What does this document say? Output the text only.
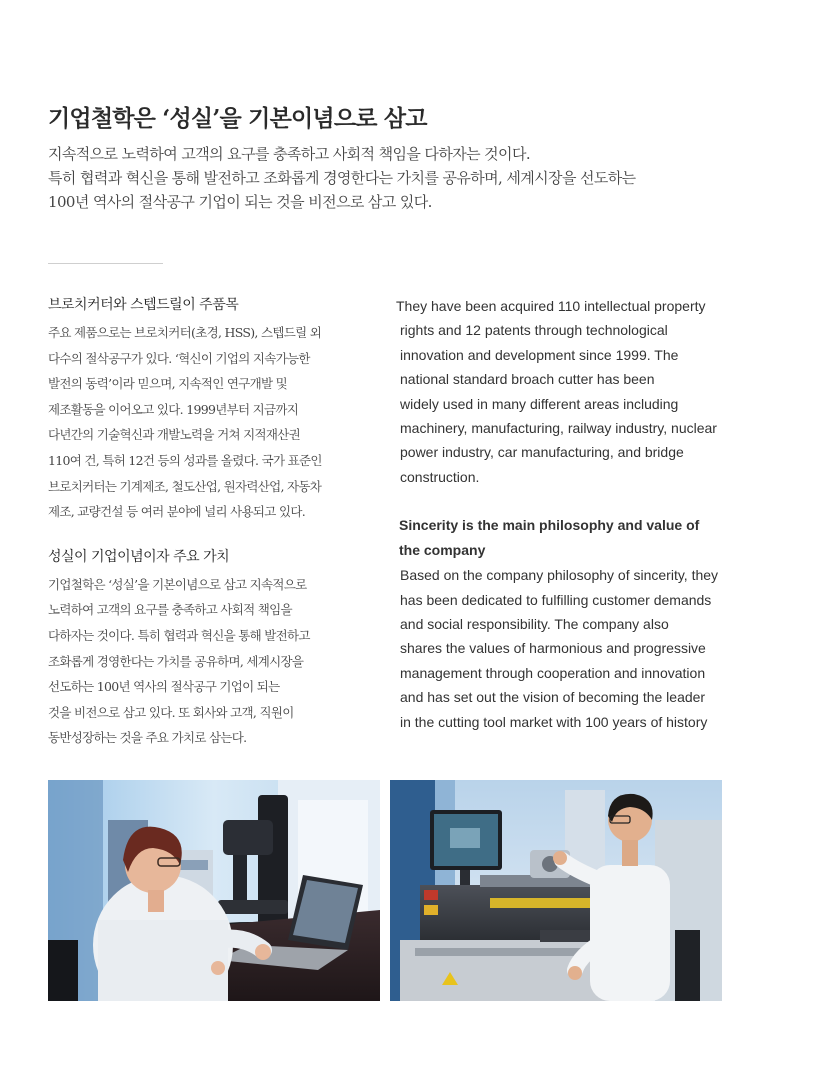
기업철학은 ‘성실’을 기본이념으로 삼고

지속적으로 노력하여 고객의 요구를 충족하고 사회적 책임을 다하자는 것이다.

특히 협력과 혁신을 통해 발전하고 조화롭게 경영한다는 가치를 공유하며, 세계시장을 선도하는

100년 역사의 절삭공구 기업이 되는 것을 비전으로 삼고 있다.

브로치커터와 스텝드릴이 주품목

주요 제품으로는 브로치커터(초경, HSS), 스텝드릴 외

다수의 절삭공구가 있다. ‘혁신이 기업의 지속가능한

발전의 동력’이라 믿으며, 지속적인 연구개발 및

제조활동을 이어오고 있다. 1999년부터 지금까지

다년간의 기술혁신과 개발노력을 거쳐 지적재산권

110여 건, 특허 12건 등의 성과를 올렸다. 국가 표준인

브로치커터는 기계제조, 철도산업, 원자력산업, 자동차

제조, 교량건설 등 여러 분야에 널리 사용되고 있다.

성실이 기업이념이자 주요 가치

기업철학은 ‘성실’을 기본이념으로 삼고 지속적으로

노력하여 고객의 요구를 충족하고 사회적 책임을

다하자는 것이다. 특히 협력과 혁신을 통해 발전하고

조화롭게 경영한다는 가치를 공유하며, 세계시장을

선도하는 100년 역사의 절삭공구 기업이 되는

것을 비전으로 삼고 있다. 또 회사와 고객, 직원이

동반성장하는 것을 주요 가치로 삼는다.

They have been acquired 110 intellectual property

rights and 12 patents through technological

innovation and development since 1999. The

national standard broach cutter has been

widely used in many different areas including

machinery, manufacturing, railway industry, nuclear

power industry, car manufacturing, and bridge

construction.

Sincerity is the main philosophy and value of
the company

Based on the company philosophy of sincerity, they

has been dedicated to fulfilling customer demands

and social responsibility. The company also

shares the values of harmonious and progressive

management through cooperation and innovation

and has set out the vision of becoming the leader

in the cutting tool market with 100 years of history
